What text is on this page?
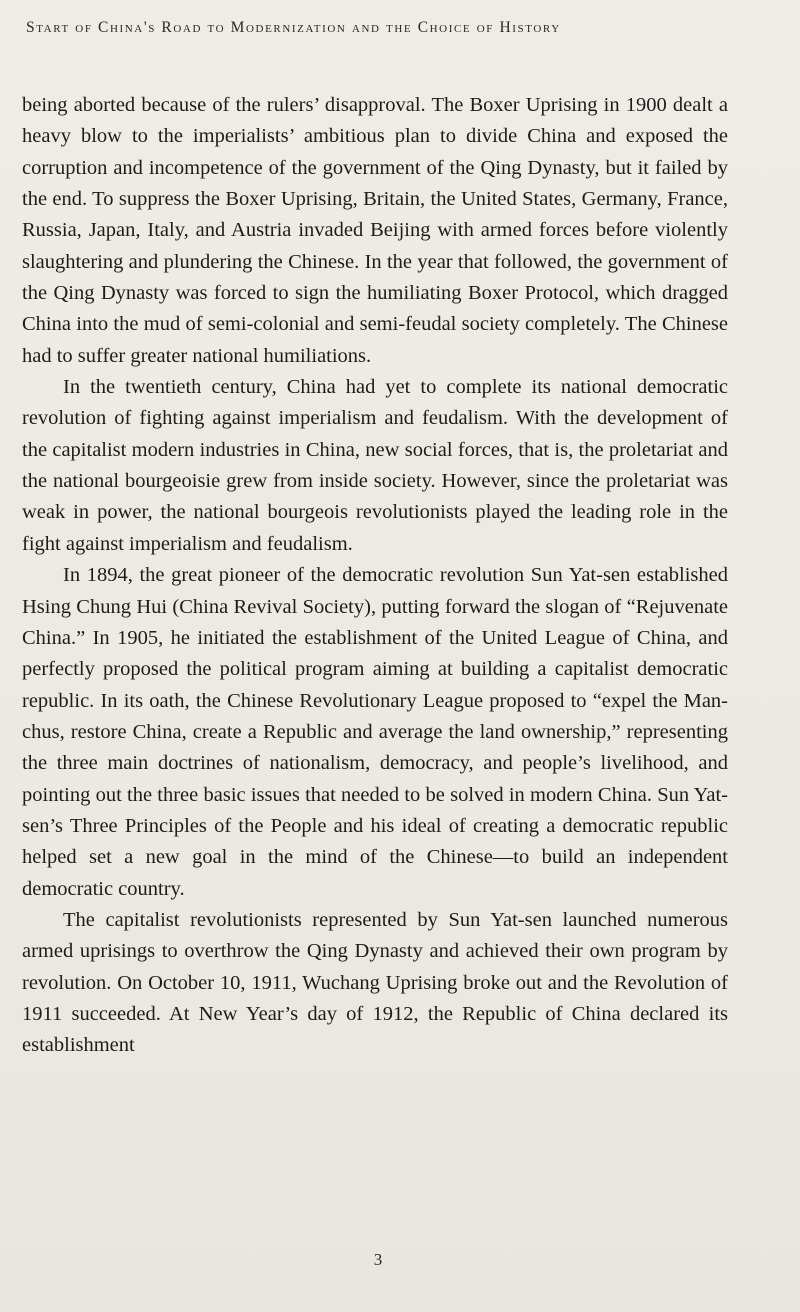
Start of China's Road to Modernization and the Choice of History

being aborted because of the rulers’ disapproval. The Boxer Uprising in 1900 dealt a heavy blow to the imperialists’ ambitious plan to divide China and exposed the corruption and incompetence of the government of the Qing Dynasty, but it failed by the end. To suppress the Boxer Uprising, Britain, the United States, Germany, France, Russia, Japan, Italy, and Austria invaded Beijing with armed forces before violently slaughtering and plundering the Chinese. In the year that followed, the government of the Qing Dynasty was forced to sign the humiliating Boxer Protocol, which dragged China into the mud of semi-colonial and semi-feudal society completely. The Chinese had to suffer greater national humiliations.

In the twentieth century, China had yet to complete its national democratic revolution of fighting against imperialism and feudalism. With the development of the capitalist modern industries in China, new social forces, that is, the proletariat and the national bourgeoisie grew from inside society. However, since the proletariat was weak in power, the national bourgeois revolutionists played the leading role in the fight against imperialism and feudalism.

In 1894, the great pioneer of the democratic revolution Sun Yat-sen established Hsing Chung Hui (China Revival Society), putting forward the slogan of “Rejuvenate China.” In 1905, he initiated the establishment of the United League of China, and perfectly proposed the political program aiming at building a capitalist democratic republic. In its oath, the Chinese Revolutionary League proposed to “expel the Manchus, restore China, create a Republic and average the land ownership,” representing the three main doctrines of nationalism, democracy, and people’s livelihood, and pointing out the three basic issues that needed to be solved in modern China. Sun Yat-sen’s Three Principles of the People and his ideal of creating a democratic republic helped set a new goal in the mind of the Chinese—to build an independent democratic country.

The capitalist revolutionists represented by Sun Yat-sen launched numerous armed uprisings to overthrow the Qing Dynasty and achieved their own program by revolution. On October 10, 1911, Wuchang Uprising broke out and the Revolution of 1911 succeeded. At New Year’s day of 1912, the Republic of China declared its establishment

3
